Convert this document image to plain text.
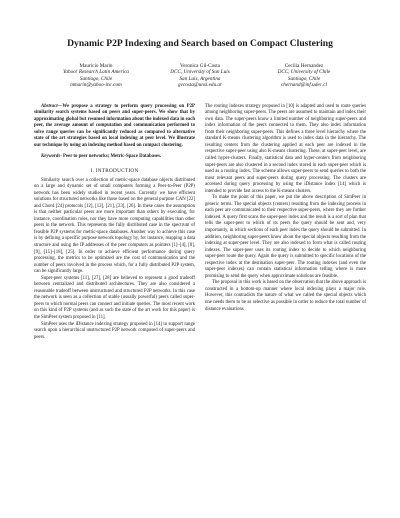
Dynamic P2P Indexing and Search based on Compact Clustering
Mauricio Marin
Yahoo! Research Latin America
Santiago, Chile
mmarin@yahoo-inc.com
Veronica Gil-Costa
DCC, University of San Luis
San Luis, Argentina
gvcosta@unsl.edu.ar
Cecilia Hernandez
DCC, University of Chile
Santiago, Chile
chernand@inf.udec.cl

Abstract—We propose a strategy to perform query processing on P2P similarity search systems based on peers and super-peers. We show that by approximating global but resumed information about the indexed data in each peer, the average amount of computation and communication performed to solve range queries can be significantly reduced as compared to alternative state of the art strategies based on local indexing at peer level. We illustrate our technique by using an indexing method based on compact clustering.

Keywords- Peer to peer networks; Metric-Space Databases.

I. INTRODUCTION

Similarity search over a collection of metric-space database objects distributed on a large and dynamic set of small computers forming a Peer-to-Peer (P2P) network has been widely studied in recent years. Currently we have efficient solutions for structured networks like those based on the general purpose CAN [22] and Chord [24] protocols [12], [13], [21], [23], [26]. In these cases the assumption is that neither particular peers are more important than others by executing, for instance, coordination roles, nor they have more computing capabilities than other peers in the network. This represents the fully distributed case in the spectrum of feasible P2P systems for metric-space databases. Another way to achieve this case is by defining a specific purpose network topology by, for instance, mapping a data structure and using the IP addresses of the peer computers as pointers [1]–[4], [8], [9], [15]–[18], [25]. In order to achieve efficient performance during query processing, the metrics to be optimized are the cost of communication and the number of peers involved in the process which, for a fully distributed P2P system, can be significantly large.

Super-peer systems [11], [27], [28] are believed to represent a good tradeoff between centralized and distributed architectures. They are also considered a reasonable tradeoff between unstructured and structured P2P networks. In this case the network is seen as a collection of stable (usually powerful) peers called super-peers to which normal peers can connect and initiate queries. The most recent work on this kind of P2P systems (and as such the state of the art work for this paper) is the SimPeer system proposed in [11].

SimPeer uses the iDistance indexing strategy proposed in [14] to support range search upon a hierarchical unstructured P2P network composed of super-peers and peers.

The routing indexes strategy proposed in [10] is adapted and used to route queries among neighboring super-peers. The peers are assumed to maintain and index their own data. The super-peers know a limited number of neighboring super-peers and index information of the peers connected to them. They also index information from their neighboring super-peers. This defines a three level hierarchy where the standard K-means clustering algorithm is used to index data in the hierarchy. The resulting centers from the clustering applied at each peer are indexed in the respective super-peer using also K-means clustering. These, at super-peer level, are called hyper-clusters. Finally, statistical data and hyper-centers from neighboring super-peers are also clustered in a second index stored in each super-peer which is used as a routing index. The scheme allows super-peers to send queries to both the most relevant peers and super-peers during query processing. The clusters are accessed during query processing by using the iDistance index [14] which is intended to provide fast access to the K-means clusters.

To make the point of this paper, we put the above description of SimPeer in generic terms. The special objects (centers) resulting from the indexing process in each peer are communicated to their respective super-peers, where they are further indexed. A query first scans the super-peer index and the result is a sort of plan that tells the super-peer to which of its peers the query should be sent and, very importantly, in which sections of each peer index the query should be submitted. In addition, neighboring super-peers know about the special objects resulting from the indexing at super-peer level. They are also indexed to form what is called routing indexes. The super-peer uses its routing index to decide to which neighboring super-peer route the query. Again the query is submitted to specific locations of the respective index at the destination super-peer. The routing indexes (and even the super-peer indexes) can contain statistical information telling where is more promising to send the query when approximate solutions are feasible.

The proposal in this work is based on the observation that the above approach is constructed in a bottom-up manner where local indexing plays a major role. However, this contradicts the nature of what we called the special objects which one needs them to be as selective as possible in order to reduce the total number of distance evaluations
